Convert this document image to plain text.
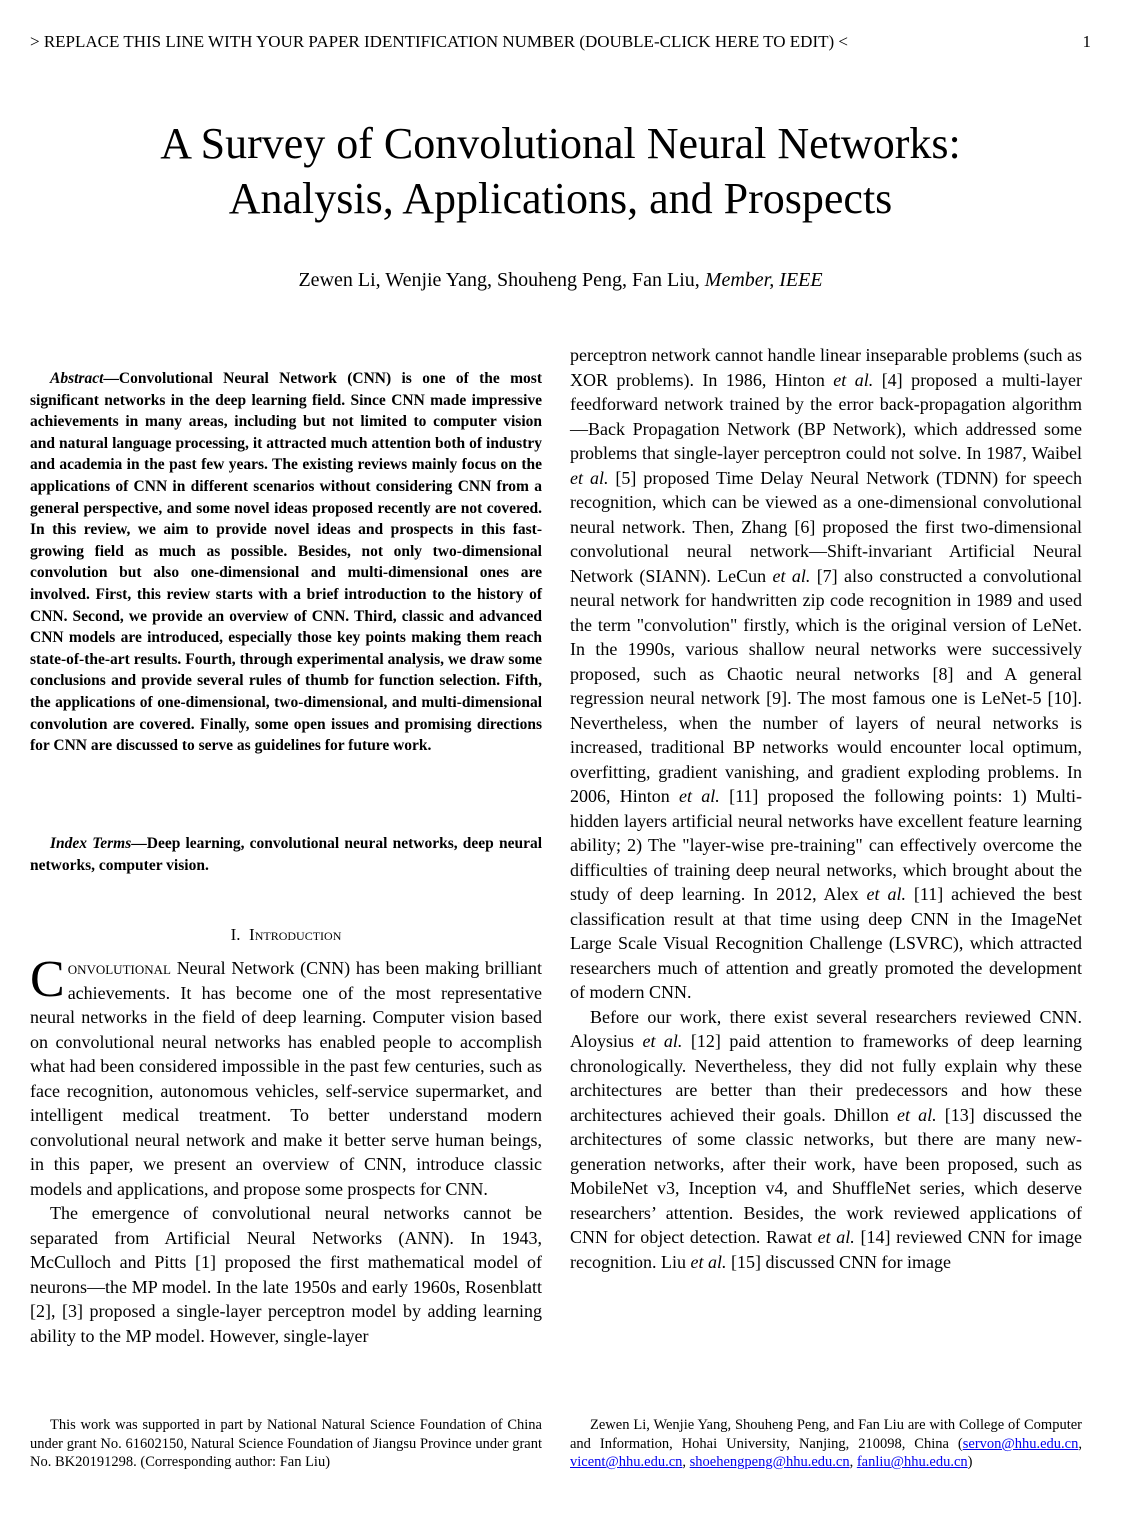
> REPLACE THIS LINE WITH YOUR PAPER IDENTIFICATION NUMBER (DOUBLE-CLICK HERE TO EDIT) <	1
A Survey of Convolutional Neural Networks:
Analysis, Applications, and Prospects
Zewen Li, Wenjie Yang, Shouheng Peng, Fan Liu, Member, IEEE

Abstract—Convolutional Neural Network (CNN) is one of the most significant networks in the deep learning field. Since CNN made impressive achievements in many areas, including but not limited to computer vision and natural language processing, it attracted much attention both of industry and academia in the past few years. The existing reviews mainly focus on the applications of CNN in different scenarios without considering CNN from a general perspective, and some novel ideas proposed recently are not covered. In this review, we aim to provide novel ideas and prospects in this fast-growing field as much as possible. Besides, not only two-dimensional convolution but also one-dimensional and multi-dimensional ones are involved. First, this review starts with a brief introduction to the history of CNN. Second, we provide an overview of CNN. Third, classic and advanced CNN models are introduced, especially those key points making them reach state-of-the-art results. Fourth, through experimental analysis, we draw some conclusions and provide several rules of thumb for function selection. Fifth, the applications of one-dimensional, two-dimensional, and multi-dimensional convolution are covered. Finally, some open issues and promising directions for CNN are discussed to serve as guidelines for future work.

Index Terms—Deep learning, convolutional neural networks, deep neural networks, computer vision.

I. Introduction

Convolutional Neural Network (CNN) has been making brilliant achievements. It has become one of the most representative neural networks in the field of deep learning. Computer vision based on convolutional neural networks has enabled people to accomplish what had been considered impossible in the past few centuries, such as face recognition, autonomous vehicles, self-service supermarket, and intelligent medical treatment. To better understand modern convolutional neural network and make it better serve human beings, in this paper, we present an overview of CNN, introduce classic models and applications, and propose some prospects for CNN.

The emergence of convolutional neural networks cannot be separated from Artificial Neural Networks (ANN). In 1943, McCulloch and Pitts [1] proposed the first mathematical model of neurons—the MP model. In the late 1950s and early 1960s, Rosenblatt [2], [3] proposed a single-layer perceptron model by adding learning ability to the MP model. However, single-layer

perceptron network cannot handle linear inseparable problems (such as XOR problems). In 1986, Hinton et al. [4] proposed a multi-layer feedforward network trained by the error back-propagation algorithm—Back Propagation Network (BP Network), which addressed some problems that single-layer perceptron could not solve. In 1987, Waibel et al. [5] proposed Time Delay Neural Network (TDNN) for speech recognition, which can be viewed as a one-dimensional convolutional neural network. Then, Zhang [6] proposed the first two-dimensional convolutional neural network—Shift-invariant Artificial Neural Network (SIANN). LeCun et al. [7] also constructed a convolutional neural network for handwritten zip code recognition in 1989 and used the term "convolution" firstly, which is the original version of LeNet. In the 1990s, various shallow neural networks were successively proposed, such as Chaotic neural networks [8] and A general regression neural network [9]. The most famous one is LeNet-5 [10]. Nevertheless, when the number of layers of neural networks is increased, traditional BP networks would encounter local optimum, overfitting, gradient vanishing, and gradient exploding problems. In 2006, Hinton et al. [11] proposed the following points: 1) Multi-hidden layers artificial neural networks have excellent feature learning ability; 2) The "layer-wise pre-training" can effectively overcome the difficulties of training deep neural networks, which brought about the study of deep learning. In 2012, Alex et al. [11] achieved the best classification result at that time using deep CNN in the ImageNet Large Scale Visual Recognition Challenge (LSVRC), which attracted researchers much of attention and greatly promoted the development of modern CNN.

Before our work, there exist several researchers reviewed CNN. Aloysius et al. [12] paid attention to frameworks of deep learning chronologically. Nevertheless, they did not fully explain why these architectures are better than their predecessors and how these architectures achieved their goals. Dhillon et al. [13] discussed the architectures of some classic networks, but there are many new-generation networks, after their work, have been proposed, such as MobileNet v3, Inception v4, and ShuffleNet series, which deserve researchers’ attention. Besides, the work reviewed applications of CNN for object detection. Rawat et al. [14] reviewed CNN for image recognition. Liu et al. [15] discussed CNN for image

This work was supported in part by National Natural Science Foundation of China under grant No. 61602150, Natural Science Foundation of Jiangsu Province under grant No. BK20191298. (Corresponding author: Fan Liu)
Zewen Li, Wenjie Yang, Shouheng Peng, and Fan Liu are with College of Computer and Information, Hohai University, Nanjing, 210098, China (servon@hhu.edu.cn, vicent@hhu.edu.cn, shoehengpeng@hhu.edu.cn, fanliu@hhu.edu.cn)
